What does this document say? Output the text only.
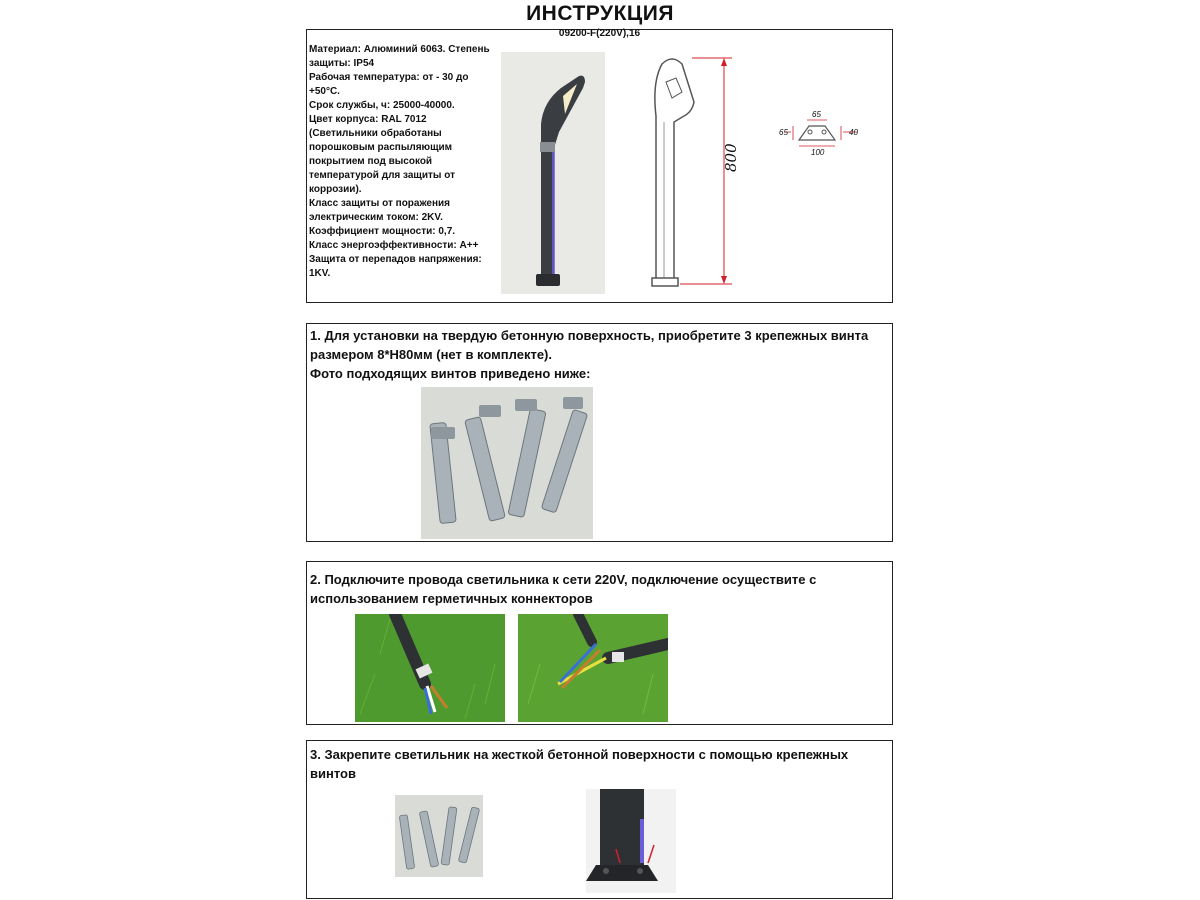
ИНСТРУКЦИЯ
09200-F(220V),16
Материал: Алюминий 6063. Степень защиты: IP54
Рабочая температура: от - 30 до +50°С.
Срок службы, ч: 25000-40000.
Цвет корпуса: RAL 7012
(Светильники обработаны порошковым распыляющим покрытием под высокой температурой для защиты от коррозии).
Класс защиты от поражения электрическим током: 2KV.
Коэффициент мощности: 0,7.
Класс энергоэффективности: А++
Защита от перепадов напряжения: 1KV.
800
65
65	40
100

1. Для установки на твердую бетонную поверхность, приобретите 3 крепежных винта размером 8*Н80мм (нет в комплекте).

Фото подходящих винтов приведено ниже:

2. Подключите провода светильника к сети 220V, подключение осуществите с использованием герметичных коннекторов
3. Закрепите светильник на жесткой бетонной поверхности с помощью крепежных винтов
